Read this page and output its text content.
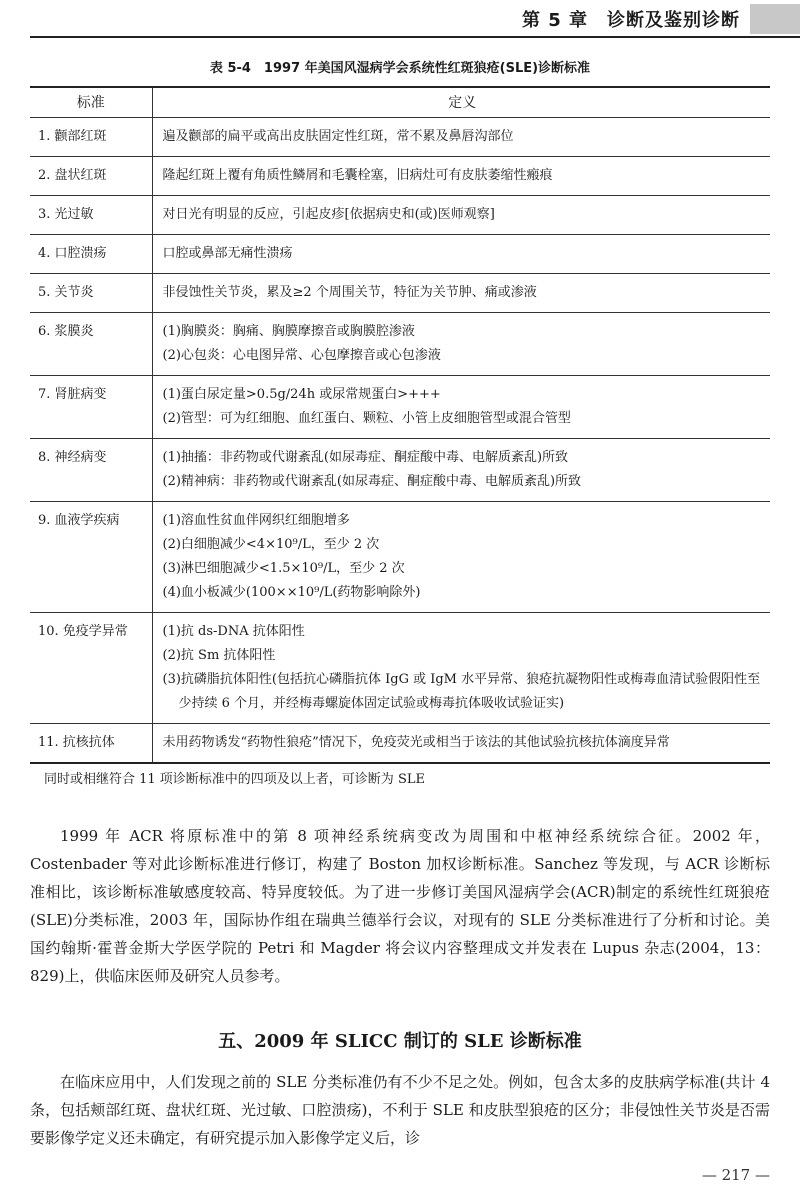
第 5 章　诊断及鉴别诊断
表 5-4　1997 年美国风湿病学会系统性红斑狼疮(SLE)诊断标准
标准	定义
1. 颧部红斑	遍及颧部的扁平或高出皮肤固定性红斑，常不累及鼻唇沟部位

2. 盘状红斑	隆起红斑上覆有角质性鳞屑和毛囊栓塞，旧病灶可有皮肤萎缩性瘢痕

3. 光过敏	对日光有明显的反应，引起皮疹[依据病史和(或)医师观察]

4. 口腔溃疡	口腔或鼻部无痛性溃疡

5. 关节炎	非侵蚀性关节炎，累及≥2 个周围关节，特征为关节肿、痛或渗液

6. 浆膜炎	(1)胸膜炎：胸痛、胸膜摩擦音或胸膜腔渗液
(2)心包炎：心电图异常、心包摩擦音或心包渗液

7. 肾脏病变	(1)蛋白尿定量>0.5g/24h 或尿常规蛋白>+++
(2)管型：可为红细胞、血红蛋白、颗粒、小管上皮细胞管型或混合管型

8. 神经病变	(1)抽搐：非药物或代谢紊乱(如尿毒症、酮症酸中毒、电解质紊乱)所致
(2)精神病：非药物或代谢紊乱(如尿毒症、酮症酸中毒、电解质紊乱)所致

9. 血液学疾病	(1)溶血性贫血伴网织红细胞增多
(2)白细胞减少<4×10⁹/L，至少 2 次
(3)淋巴细胞减少<1.5×10⁹/L，至少 2 次
(4)血小板减少(100××10⁹/L(药物影响除外)

10. 免疫学异常	(1)抗 ds-DNA 抗体阳性
(2)抗 Sm 抗体阳性
(3)抗磷脂抗体阳性(包括抗心磷脂抗体 IgG 或 IgM 水平异常、狼疮抗凝物阳性或梅毒血清试验假阳性至少持续 6 个月，并经梅毒螺旋体固定试验或梅毒抗体吸收试验证实)

11. 抗核抗体	未用药物诱发“药物性狼疮”情况下，免疫荧光或相当于该法的其他试验抗核抗体滴度异常
同时或相继符合 11 项诊断标准中的四项及以上者，可诊断为 SLE

1999 年 ACR 将原标准中的第 8 项神经系统病变改为周围和中枢神经系统综合征。2002 年，Costenbader 等对此诊断标准进行修订，构建了 Boston 加权诊断标准。Sanchez 等发现，与 ACR 诊断标准相比，该诊断标准敏感度较高、特异度较低。为了进一步修订美国风湿病学会(ACR)制定的系统性红斑狼疮(SLE)分类标准，2003 年，国际协作组在瑞典兰德举行会议，对现有的 SLE 分类标准进行了分析和讨论。美国约翰斯·霍普金斯大学医学院的 Petri 和 Magder 将会议内容整理成文并发表在 Lupus 杂志(2004，13：829)上，供临床医师及研究人员参考。

五、2009 年 SLICC 制订的 SLE 诊断标准

在临床应用中，人们发现之前的 SLE 分类标准仍有不少不足之处。例如，包含太多的皮肤病学标准(共计 4 条，包括颊部红斑、盘状红斑、光过敏、口腔溃疡)，不利于 SLE 和皮肤型狼疮的区分；非侵蚀性关节炎是否需要影像学定义还未确定，有研究提示加入影像学定义后，诊

— 217 —
